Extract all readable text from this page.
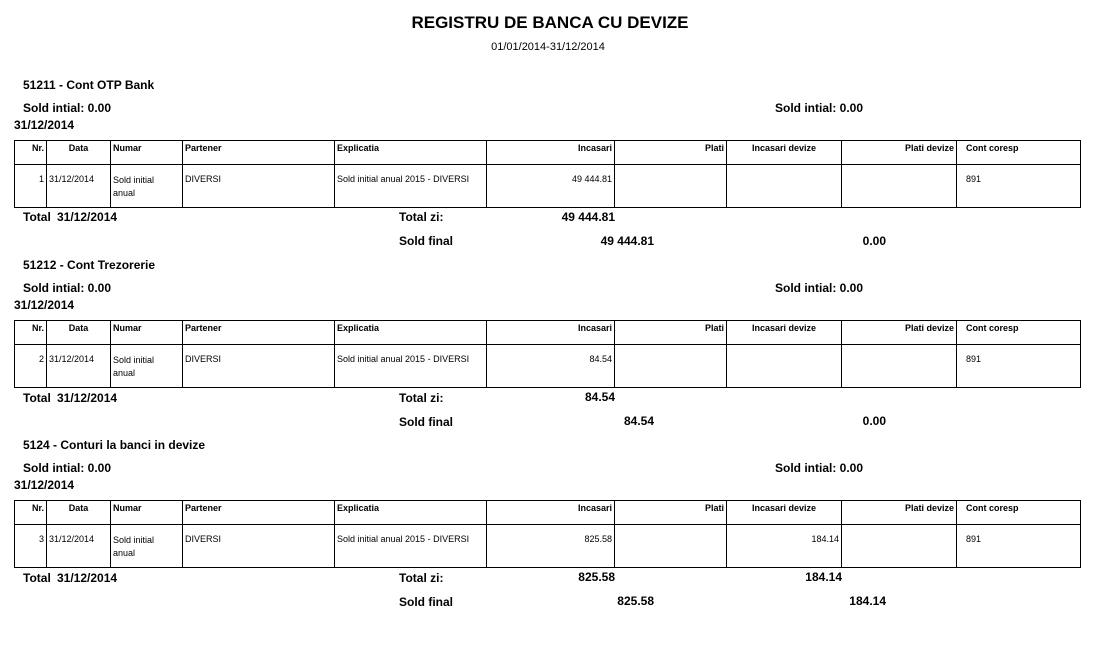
REGISTRU DE BANCA CU DEVIZE
01/01/2014-31/12/2014
51211 - Cont OTP Bank
Sold intial: 0.00	Sold intial: 0.00
31/12/2014
Nr.	Data	Numar	Partener	Explicatia	Incasari	Plati	Incasari devize	Plati devize	Cont coresp
1	31/12/2014	Sold initial
anual	DIVERSI	Sold initial anual 2015 - DIVERSI	49 444.81				891
Total 31/12/2014	Total zi:	49 444.81
Sold final	49 444.81	0.00
51212 - Cont Trezorerie
Sold intial: 0.00	Sold intial: 0.00
31/12/2014
Nr.	Data	Numar	Partener	Explicatia	Incasari	Plati	Incasari devize	Plati devize	Cont coresp
2	31/12/2014	Sold initial
anual	DIVERSI	Sold initial anual 2015 - DIVERSI	84.54				891
Total 31/12/2014	Total zi:	84.54
Sold final	84.54	0.00
5124 - Conturi la banci in devize
Sold intial: 0.00	Sold intial: 0.00
31/12/2014
Nr.	Data	Numar	Partener	Explicatia	Incasari	Plati	Incasari devize	Plati devize	Cont coresp
3	31/12/2014	Sold initial
anual	DIVERSI	Sold initial anual 2015 - DIVERSI	825.58		184.14		891
Total 31/12/2014	Total zi:	825.58	184.14
Sold final	825.58	184.14
